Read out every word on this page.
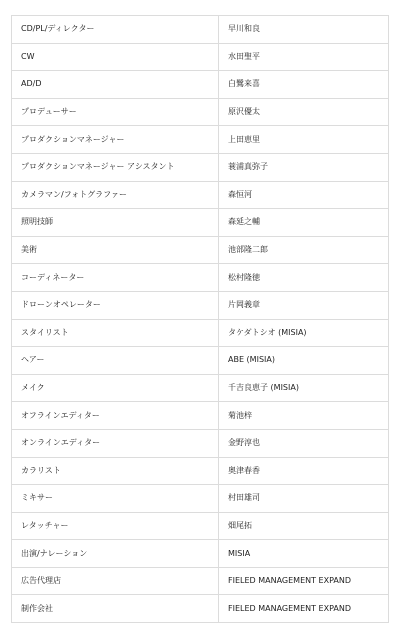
CD/PL/ディレクター	早川和良
CW	水田聖平
AD/D	白鷺来喜
プロデューサー	原沢優太
プロダクションマネージャー	上田恵里
プロダクションマネージャー アシスタント	蓑浦真弥子
カメラマン/フォトグラファー	森恒河
照明技師	森延之輔
美術	池部隆二郎
コーディネーター	松村隆徳
ドローンオペレーター	片岡義章
スタイリスト	タケダトシオ (MISIA)
ヘアー	ABE (MISIA)
メイク	千吉良恵子 (MISIA)
オフラインエディター	菊池梓
オンラインエディター	金野淳也
カラリスト	奥津春香
ミキサー	村田雄司
レタッチャー	畑尾拓
出演/ナレーション	MISIA
広告代理店	FIELED MANAGEMENT EXPAND
制作会社	FIELED MANAGEMENT EXPAND
